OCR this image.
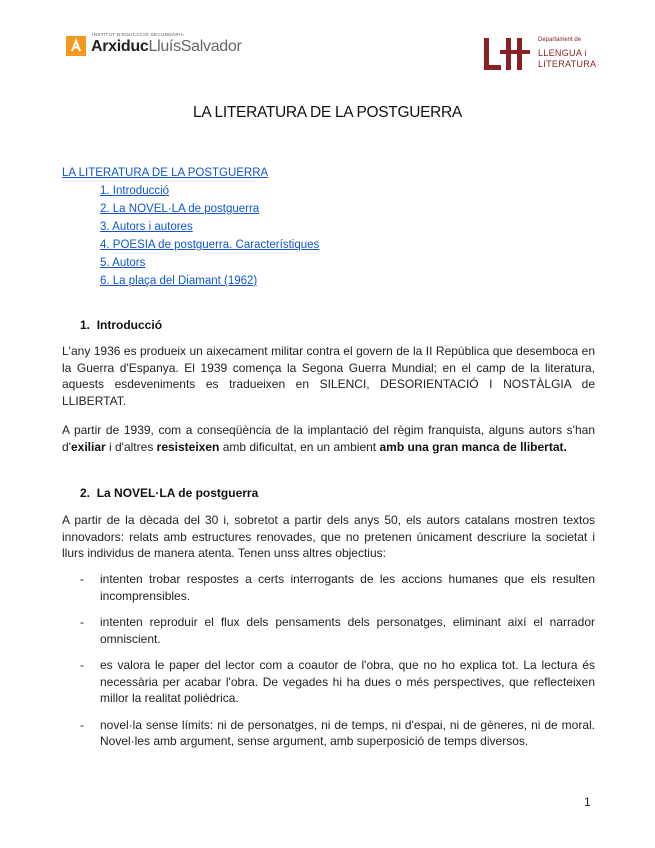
INSTITUT D'EDUCACIÓ SECUNDÀRIA
ArxiducLluísSalvador	Departament de
LLENGUA i
LITERATURA
LA LITERATURA DE LA POSTGUERRA
LA LITERATURA DE LA POSTGUERRA
1. Introducció
2. La NOVEL·LA de postguerra
3. Autors i autores
4. POESIA de postguerra. Característiques
5. Autors
6. La plaça del Diamant (1962)
1. Introducció
L'any 1936 es produeix un aixecament militar contra el govern de la II República que desemboca en la Guerra d'Espanya. El 1939 comença la Segona Guerra Mundial; en el camp de la literatura, aquests esdeveniments es tradueixen en SILENCI, DESORIENTACIÓ I NOSTÀLGIA de LLIBERTAT.
A partir de 1939, com a conseqüència de la implantació del règim franquista, alguns autors s'han d'exiliar i d'altres resisteixen amb dificultat, en un ambient amb una gran manca de llibertat.
2. La NOVEL·LA de postguerra
A partir de la dècada del 30 i, sobretot a partir dels anys 50, els autors catalans mostren textos innovadors: relats amb estructures renovades, que no pretenen únicament descriure la societat i llurs individus de manera atenta. Tenen unss altres objectius:
- intenten trobar respostes a certs interrogants de les accions humanes que els resulten incomprensibles.
- intenten reproduir el flux dels pensaments dels personatges, eliminant així el narrador omniscient.
- es valora le paper del lector com a coautor de l'obra, que no ho explica tot. La lectura és necessària per acabar l'obra. De vegades hi ha dues o més perspectives, que reflecteixen millor la realitat polièdrica.
- novel·la sense límits: ni de personatges, ni de temps, ni d'espai, ni de gèneres, ni de moral. Novel·les amb argument, sense argument, amb superposició de temps diversos.
1
